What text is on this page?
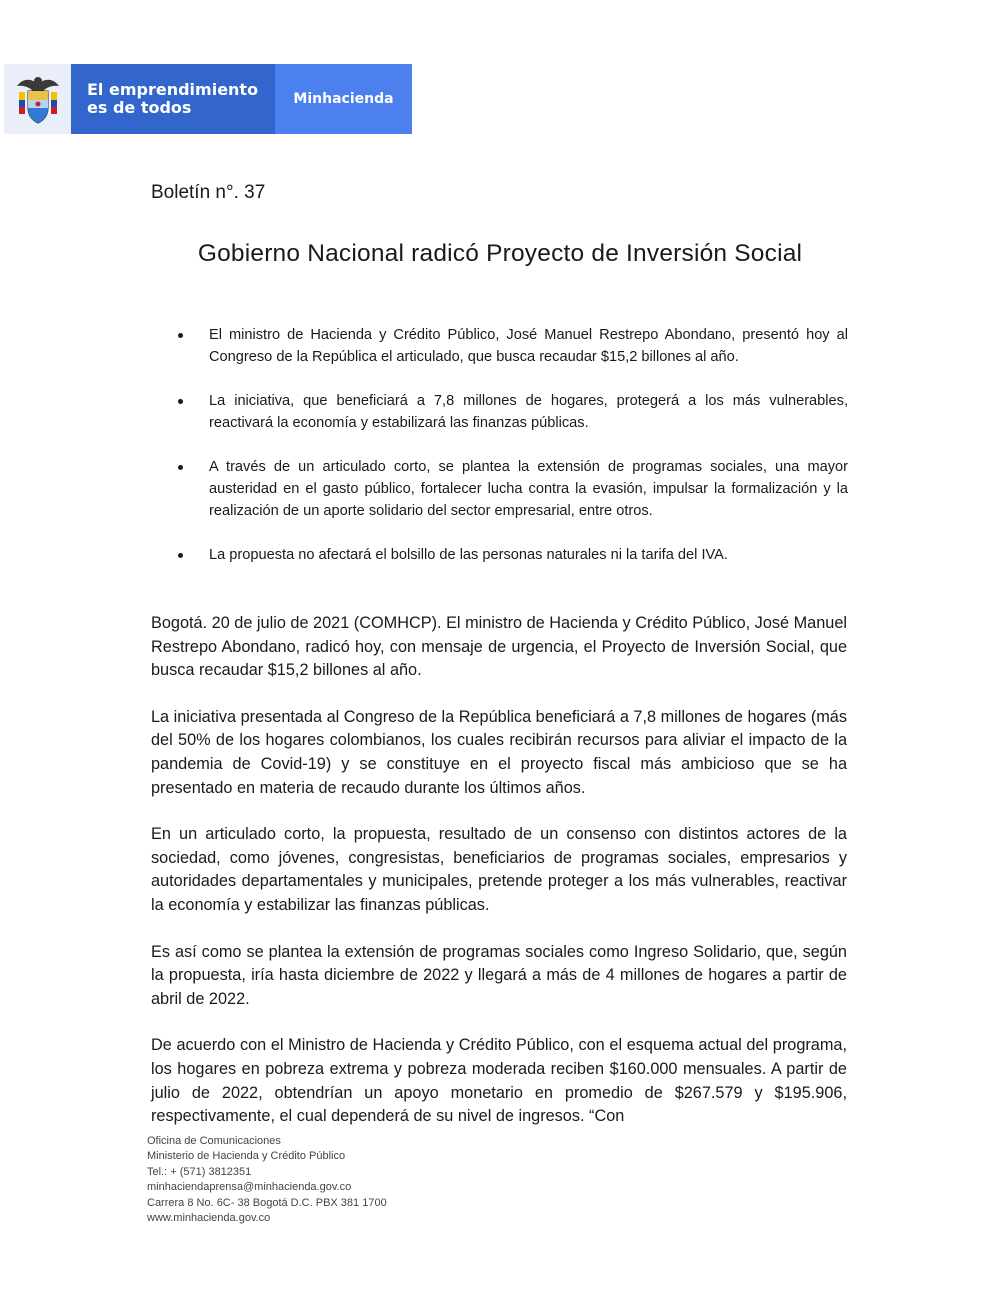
El emprendimiento
es de todos	Minhacienda
Boletín n°. 37
Gobierno Nacional radicó Proyecto de Inversión Social
El ministro de Hacienda y Crédito Público, José Manuel Restrepo Abondano, presentó hoy al Congreso de la República el articulado, que busca recaudar $15,2 billones al año.
La iniciativa, que beneficiará a 7,8 millones de hogares, protegerá a los más vulnerables, reactivará la economía y estabilizará las finanzas públicas.
A través de un articulado corto, se plantea la extensión de programas sociales, una mayor austeridad en el gasto público, fortalecer lucha contra la evasión, impulsar la formalización y la realización de un aporte solidario del sector empresarial, entre otros.
La propuesta no afectará el bolsillo de las personas naturales ni la tarifa del IVA.

Bogotá. 20 de julio de 2021 (COMHCP). El ministro de Hacienda y Crédito Público, José Manuel Restrepo Abondano, radicó hoy, con mensaje de urgencia, el Proyecto de Inversión Social, que busca recaudar $15,2 billones al año.

La iniciativa presentada al Congreso de la República beneficiará a 7,8 millones de hogares (más del 50% de los hogares colombianos, los cuales recibirán recursos para aliviar el impacto de la pandemia de Covid-19) y se constituye en el proyecto fiscal más ambicioso que se ha presentado en materia de recaudo durante los últimos años.

En un articulado corto, la propuesta, resultado de un consenso con distintos actores de la sociedad, como jóvenes, congresistas, beneficiarios de programas sociales, empresarios y autoridades departamentales y municipales, pretende proteger a los más vulnerables, reactivar la economía y estabilizar las finanzas públicas.

Es así como se plantea la extensión de programas sociales como Ingreso Solidario, que, según la propuesta, iría hasta diciembre de 2022 y llegará a más de 4 millones de hogares a partir de abril de 2022.

De acuerdo con el Ministro de Hacienda y Crédito Público, con el esquema actual del programa, los hogares en pobreza extrema y pobreza moderada reciben $160.000 mensuales. A partir de julio de 2022, obtendrían un apoyo monetario en promedio de $267.579 y $195.906, respectivamente, el cual dependerá de su nivel de ingresos. “Con

Oficina de Comunicaciones
Ministerio de Hacienda y Crédito Público
Tel.: + (571) 3812351
minhaciendaprensa@minhacienda.gov.co
Carrera 8 No. 6C- 38 Bogotá D.C. PBX 381 1700
www.minhacienda.gov.co
